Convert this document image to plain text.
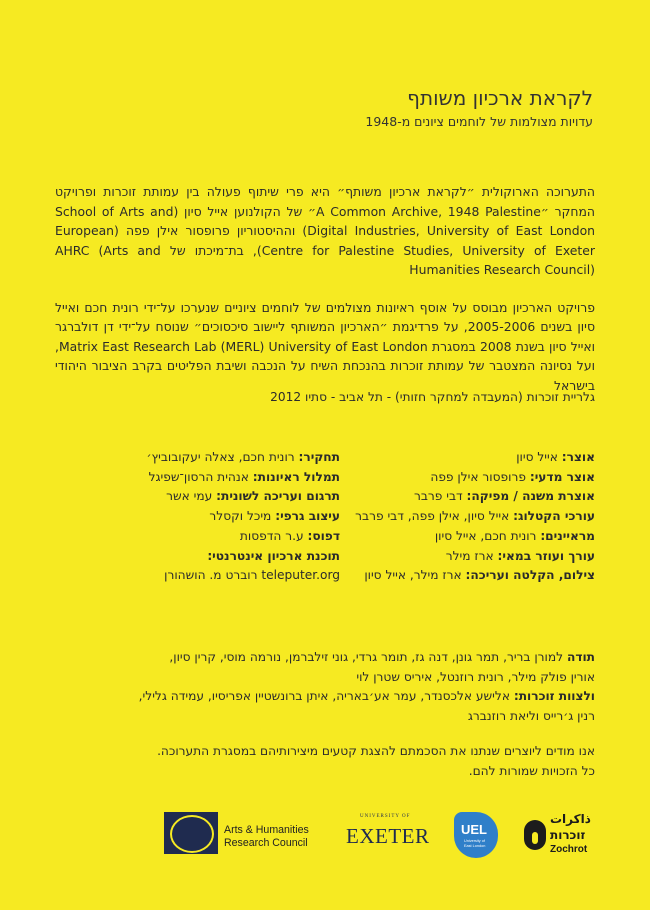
לקראת ארכיון משותף
עדויות מצולמות של לוחמים ציונים מ-1948

התערוכה הארוקולית ״לקראת ארכיון משותף״ היא פרי שיתוף פעולה בין עמותת זוכרות ופרויקט המחקר ״A Common Archive, 1948 Palestine״ של הקולנוען אייל סיון (School of Arts and Digital Industries, University of East London) וההיסטוריון פרופסור אילן פפה (European Centre for Palestine Studies, University of Exeter), בת־מיכתו של AHRC (Arts and Humanities Research Council)

פרויקט הארכיון מבוסס על אוסף ראיונות מצולמים של לוחמים ציוניים שנערכו על־ידי רונית חכם ואייל סיון בשנים 2005-2006, על פרדיגמת ״הארכיון המשותף ליישוב סיכסוכים״ שנוסח על־ידי דן דולברגר ואייל סיון בשנת 2008 במסגרת Matrix East Research Lab (MERL) University of East London, ועל נסיונה המצטבר של עמותת זוכרות בהנכחת השיח על הנכבה ושיבת הפליטים בקרב הציבור היהודי בישראל

גלריית זוכרות (המעבדה למחקר חזותי) - תל אביב - סתיו 2012
אוצר: אייל סיון
אוצר מדעי: פרופסור אילן פפה
אוצרת משנה / מפיקה: דבי פרבר
עורכי הקטלוג: אייל סיון, אילן פפה, דבי פרבר
מראיינים: רונית חכם, אייל סיון
עורך ועוזר במאי: ארז מילר
צילום, הקלטה ועריכה: ארז מילר, אייל סיון
תחקיר: רונית חכם, צאלה יעקובוביץ׳
תמלול ראיונות: אנהית הרסון־שפיגל
תרגום ועריכה לשונית: עמי אשר
עיצוב גרפי: מיכל וקסלר
דפוס: ע.ר הדפסות
תוכנת ארכיון אינטרנטי:
teleputer.org רוברט מ. הושהורן
תודה למורן בריר, תמר גונן, דנה גז, תומר גרדי, גוני זילברמן, נורמה מוסי, קרין סיון,
אורין פולק מילר, רונית רוזנטל, איריס שטרן לוי
ולצוות זוכרות: אלישע אלכסנדר, עמר אע׳באריה, איתן ברונשטיין אפריסיו, עמידה גלילי,
רנין ג׳רייס וליאת רוזנברג
אנו מודים ליוצרים שנתנו את הסכמתם להצגת קטעים מיצירותיהם במסגרת התערוכה.
כל הזכויות שמורות להם.
Arts & Humanities
Research Council
UNIVERSITY OF
EXETER UEL
University of
East London
ذاكرات
זוכרות
Zochrot
